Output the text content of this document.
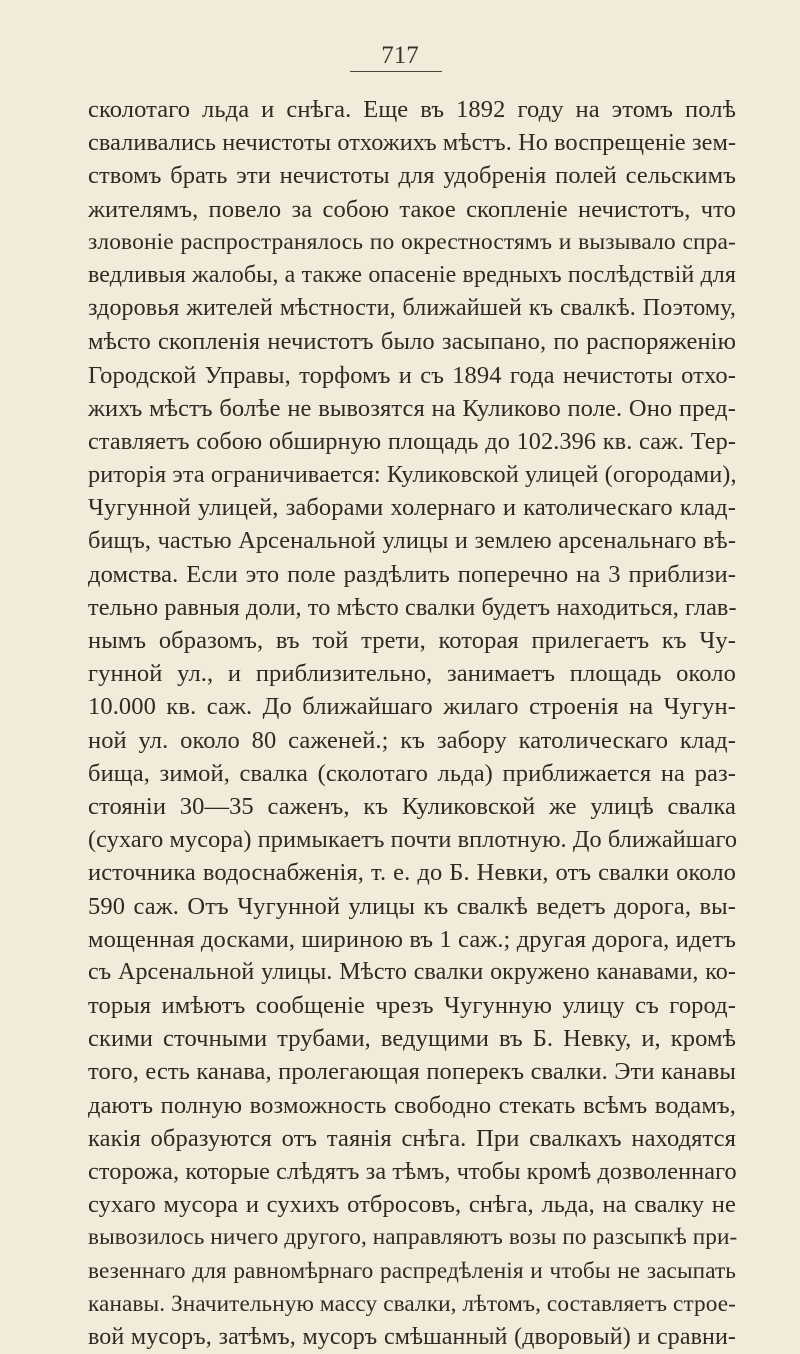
717
сколотаго льда и снѣга. Еще въ 1892 году на этомъ полѣ
сваливались нечистоты отхожихъ мѣстъ. Но воспрещеніе зем-
ствомъ брать эти нечистоты для удобренія полей сельскимъ
жителямъ, повело за собою такое скопленіе нечистотъ, что
зловоніе распространялось по окрестностямъ и вызывало спра-
ведливыя жалобы, а также опасеніе вредныхъ послѣдствій для
здоровья жителей мѣстности, ближайшей къ свалкѣ. Поэтому,
мѣсто скопленія нечистотъ было засыпано, по распоряженію
Городской Управы, торфомъ и съ 1894 года нечистоты отхо-
жихъ мѣстъ болѣе не вывозятся на Куликово поле. Оно пред-
ставляетъ собою обширную площадь до 102.396 кв. саж. Тер-
риторія эта ограничивается: Куликовской улицей (огородами),
Чугунной улицей, заборами холернаго и католическаго клад-
бищъ, частью Арсенальной улицы и землею арсенальнаго вѣ-
домства. Если это поле раздѣлить поперечно на 3 приблизи-
тельно равныя доли, то мѣсто свалки будетъ находиться, глав-
нымъ образомъ, въ той трети, которая прилегаетъ къ Чу-
гунной ул., и приблизительно, занимаетъ площадь около
10.000 кв. саж. До ближайшаго жилаго строенія на Чугун-
ной ул. около 80 саженей.; къ забору католическаго клад-
бища, зимой, свалка (сколотаго льда) приближается на раз-
стояніи 30—35 саженъ, къ Куликовской же улицѣ свалка
(сухаго мусора) примыкаетъ почти вплотную. До ближайшаго
источника водоснабженія, т. е. до Б. Невки, отъ свалки около
590 саж. Отъ Чугунной улицы къ свалкѣ ведетъ дорога, вы-
мощенная досками, шириною въ 1 саж.; другая дорога, идетъ
съ Арсенальной улицы. Мѣсто свалки окружено канавами, ко-
торыя имѣютъ сообщеніе чрезъ Чугунную улицу съ город-
скими сточными трубами, ведущими въ Б. Невку, и, кромѣ
того, есть канава, пролегающая поперекъ свалки. Эти канавы
даютъ полную возможность свободно стекать всѣмъ водамъ,
какія образуются отъ таянія снѣга. При свалкахъ находятся
сторожа, которые слѣдятъ за тѣмъ, чтобы кромѣ дозволеннаго
сухаго мусора и сухихъ отбросовъ, снѣга, льда, на свалку не
вывозилось ничего другого, направляютъ возы по разсыпкѣ при-
везеннаго для равномѣрнаго распредѣленія и чтобы не засыпать
канавы. Значительную массу свалки, лѣтомъ, составляетъ строе-
вой мусоръ, затѣмъ, мусоръ смѣшанный (дворовый) и сравни-
